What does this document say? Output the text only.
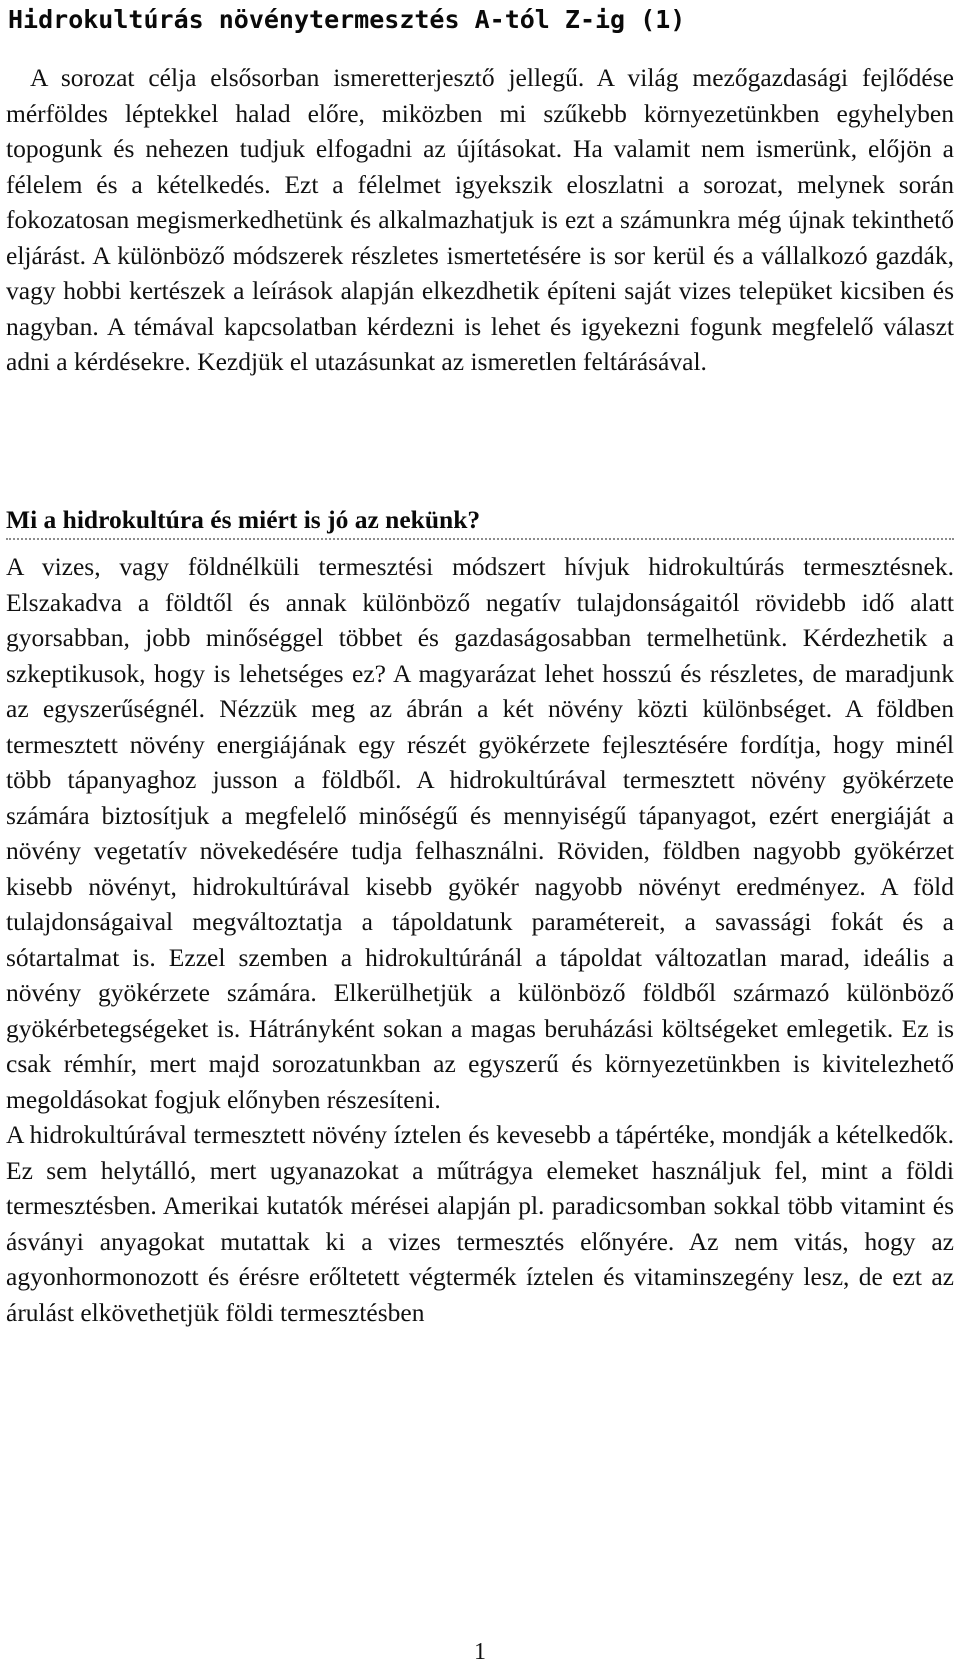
Hidrokultúrás növénytermesztés A-tól Z-ig (1)

A sorozat célja elsősorban ismeretterjesztő jellegű. A világ mezőgazdasági fejlődése mérföldes léptekkel halad előre, miközben mi szűkebb környezetünkben egyhelyben topogunk és nehezen tudjuk elfogadni az újításokat. Ha valamit nem ismerünk, előjön a félelem és a kételkedés. Ezt a félelmet igyekszik eloszlatni a sorozat, melynek során fokozatosan megismerkedhetünk és alkalmazhatjuk is ezt a számunkra még újnak tekinthető eljárást. A különböző módszerek részletes ismertetésére is sor kerül és a vállalkozó gazdák, vagy hobbi kertészek a leírások alapján elkezdhetik építeni saját vizes telepüket kicsiben és nagyban. A témával kapcsolatban kérdezni is lehet és igyekezni fogunk megfelelő választ adni a kérdésekre. Kezdjük el utazásunkat az ismeretlen feltárásával.

Mi a hidrokultúra és miért is jó az nekünk?

A vizes, vagy földnélküli termesztési módszert hívjuk hidrokultúrás termesztésnek. Elszakadva a földtől és annak különböző negatív tulajdonságaitól rövidebb idő alatt gyorsabban, jobb minőséggel többet és gazdaságosabban termelhetünk. Kérdezhetik a szkeptikusok, hogy is lehetséges ez? A magyarázat lehet hosszú és részletes, de maradjunk az egyszerűségnél. Nézzük meg az ábrán a két növény közti különbséget. A földben termesztett növény energiájának egy részét gyökérzete fejlesztésére fordítja, hogy minél több tápanyaghoz jusson a földből. A hidrokultúrával termesztett növény gyökérzete számára biztosítjuk a megfelelő minőségű és mennyiségű tápanyagot, ezért energiáját a növény vegetatív növekedésére tudja felhasználni. Röviden, földben nagyobb gyökérzet kisebb növényt, hidrokultúrával kisebb gyökér nagyobb növényt eredményez. A föld tulajdonságaival megváltoztatja a tápoldatunk paramétereit, a savassági fokát és a sótartalmat is. Ezzel szemben a hidrokultúránál a tápoldat változatlan marad, ideális a növény gyökérzete számára. Elkerülhetjük a különböző földből származó különböző gyökérbetegségeket is. Hátrányként sokan a magas beruházási költségeket emlegetik. Ez is csak rémhír, mert majd sorozatunkban az egyszerű és környezetünkben is kivitelezhető megoldásokat fogjuk előnyben részesíteni.

A hidrokultúrával termesztett növény íztelen és kevesebb a tápértéke, mondják a kételkedők. Ez sem helytálló, mert ugyanazokat a műtrágya elemeket használjuk fel, mint a földi termesztésben. Amerikai kutatók mérései alapján pl. paradicsomban sokkal több vitamint és ásványi anyagokat mutattak ki a vizes termesztés előnyére. Az nem vitás, hogy az agyonhormonozott és érésre erőltetett végtermék íztelen és vitaminszegény lesz, de ezt az árulást elkövethetjük földi termesztésben

1
